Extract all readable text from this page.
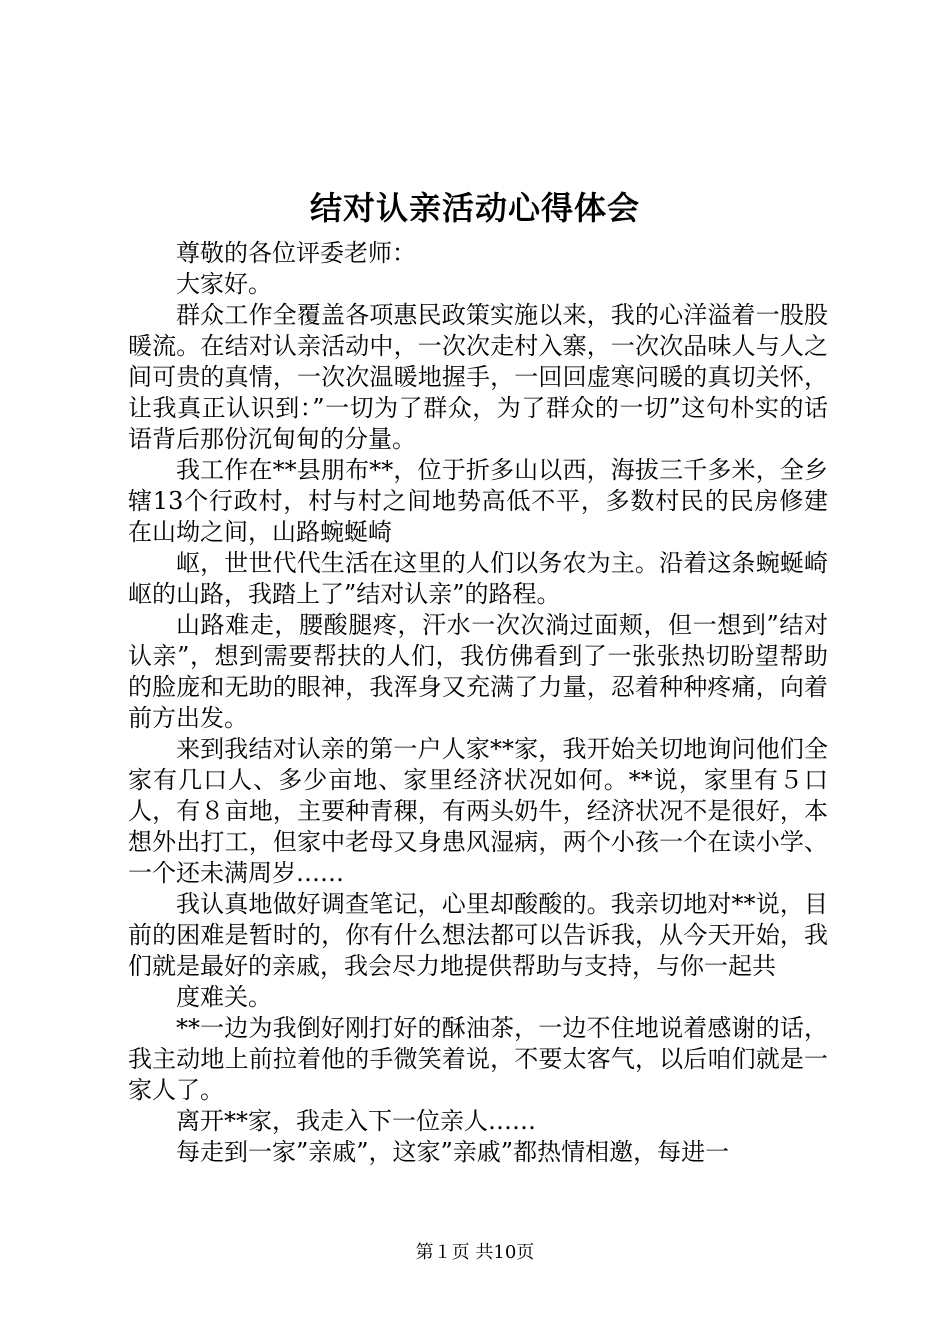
结对认亲活动心得体会

尊敬的各位评委老师：

大家好。

群众工作全覆盖各项惠民政策实施以来，我的心洋溢着一股股暖流。在结对认亲活动中，一次次走村入寨，一次次品味人与人之间可贵的真情，一次次温暖地握手，一回回虚寒问暖的真切关怀，让我真正认识到：”一切为了群众，为了群众的一切”这句朴实的话语背后那份沉甸甸的分量。

我工作在**县朋布**，位于折多山以西，海拔三千多米，全乡辖13个行政村，村与村之间地势高低不平，多数村民的民房修建在山坳之间，山路蜿蜒崎

岖，世世代代生活在这里的人们以务农为主。沿着这条蜿蜒崎岖的山路，我踏上了”结对认亲”的路程。

山路难走，腰酸腿疼，汗水一次次淌过面颊，但一想到”结对认亲”，想到需要帮扶的人们，我仿佛看到了一张张热切盼望帮助的脸庞和无助的眼神，我浑身又充满了力量，忍着种种疼痛，向着前方出发。

来到我结对认亲的第一户人家**家，我开始关切地询问他们全家有几口人、多少亩地、家里经济状况如何。**说，家里有５口人，有８亩地，主要种青稞，有两头奶牛，经济状况不是很好，本想外出打工，但家中老母又身患风湿病，两个小孩一个在读小学、一个还未满周岁……

我认真地做好调查笔记，心里却酸酸的。我亲切地对**说，目前的困难是暂时的，你有什么想法都可以告诉我，从今天开始，我们就是最好的亲戚，我会尽力地提供帮助与支持，与你一起共

度难关。

**一边为我倒好刚打好的酥油茶，一边不住地说着感谢的话，我主动地上前拉着他的手微笑着说，不要太客气，以后咱们就是一家人了。

离开**家，我走入下一位亲人……

每走到一家”亲戚”，这家”亲戚”都热情相邀，每进一

第１页 共10页
